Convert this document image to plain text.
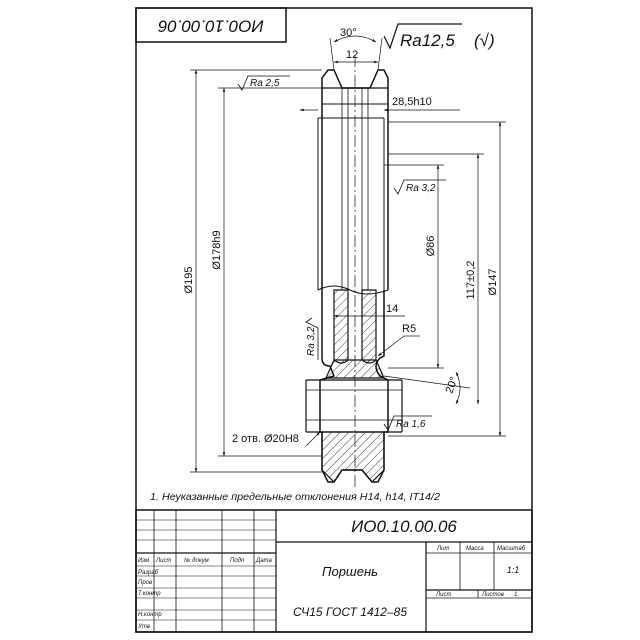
ИО0.10.00.06
Ra12,5 (√)
30°
12
28,5h10
Ø195
Ø178h9	Ø86
117±0,2 Ø147
14
R5
20°
2 отв. Ø20H8
Ra 2,5
Ra 3,2
Ra 3,2
Ra 1,6
1. Неуказанные предельные отклонения H14, h14, IT14/2
Изм Лист № докум	Подп Дата
Разраб
Пров
Т.контр
Н.контр
Утв
ИО0.10.00.06
Поршень
СЧ15 ГОСТ 1412–85
Лит	Масса Масштаб
1:1
Лист	Листов 1
